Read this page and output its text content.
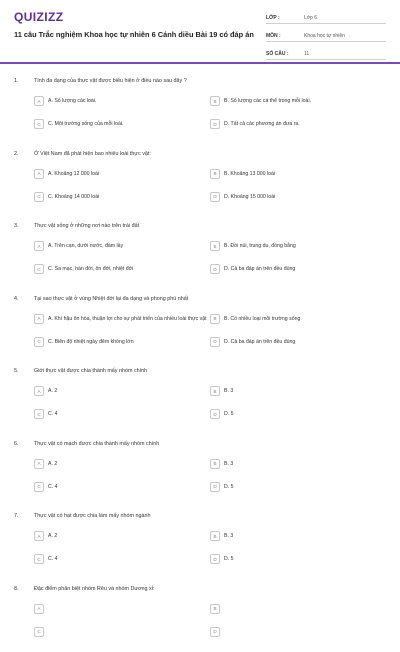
QUIZIZZ
11 câu Trắc nghiệm Khoa học tự nhiên 6 Cánh diều Bài 19 có đáp án
LỚP :	Lớp 6
MÔN :	Khoa học tự nhiên
SỐ CÂU :	11
1.	Tính đa dạng của thực vật được biểu hiện ở điều nào sau đây ?
A	A. Số lượng các loài.	B	B. Số lượng các cá thể trong mỗi loài.
C	C. Môi trường sống của mỗi loài.	D	D. Tất cả các phương án đưa ra.
2.	Ở Việt Nam đã phát hiện bao nhiêu loài thực vật:
A	A. Khoảng 12 000 loài	B	B. Khoảng 13 000 loài
C	C. Khoảng 14 000 loài	D	D. Khoảng 15 000 loài
3.	Thực vật sống ở những nơi nào trên trái đất
A	A. Trên cạn, dưới nước, đầm lầy	B	B. Đồi núi, trung du, đồng bằng
C	C. Sa mạc, hàn đới, ôn đới, nhiệt đới	D	D. Cả ba đáp án trên đều đúng
4.	Tại sao thực vật ở vùng Nhiệt đới lại đa dạng và phong phú nhất
A	A. Khí hậu ôn hòa, thuận lợi cho sự phát triển của nhiều loài thực vật	B	B. Có nhiều loại môi trường sống
C	C. Biên độ nhiệt ngày đêm không lớn	D	D. Cả ba đáp án trên đều đúng
5.	Giới thực vật được chia thành mấy nhóm chính
A	A. 2	B	B. 3
C	C. 4	D	D. 5
6.	Thực vật có mạch được chia thành mấy nhóm chính
A	A. 2	B	B. 3
C	C. 4	D	D. 5
7.	Thực vật có hạt được chia làm mấy nhóm ngành
A	A. 2	B	B. 3
C	C. 4	D	D. 5
8.	Đặc điểm phân biệt nhóm Rêu và nhóm Dương xỉ:
A	B
C	D
